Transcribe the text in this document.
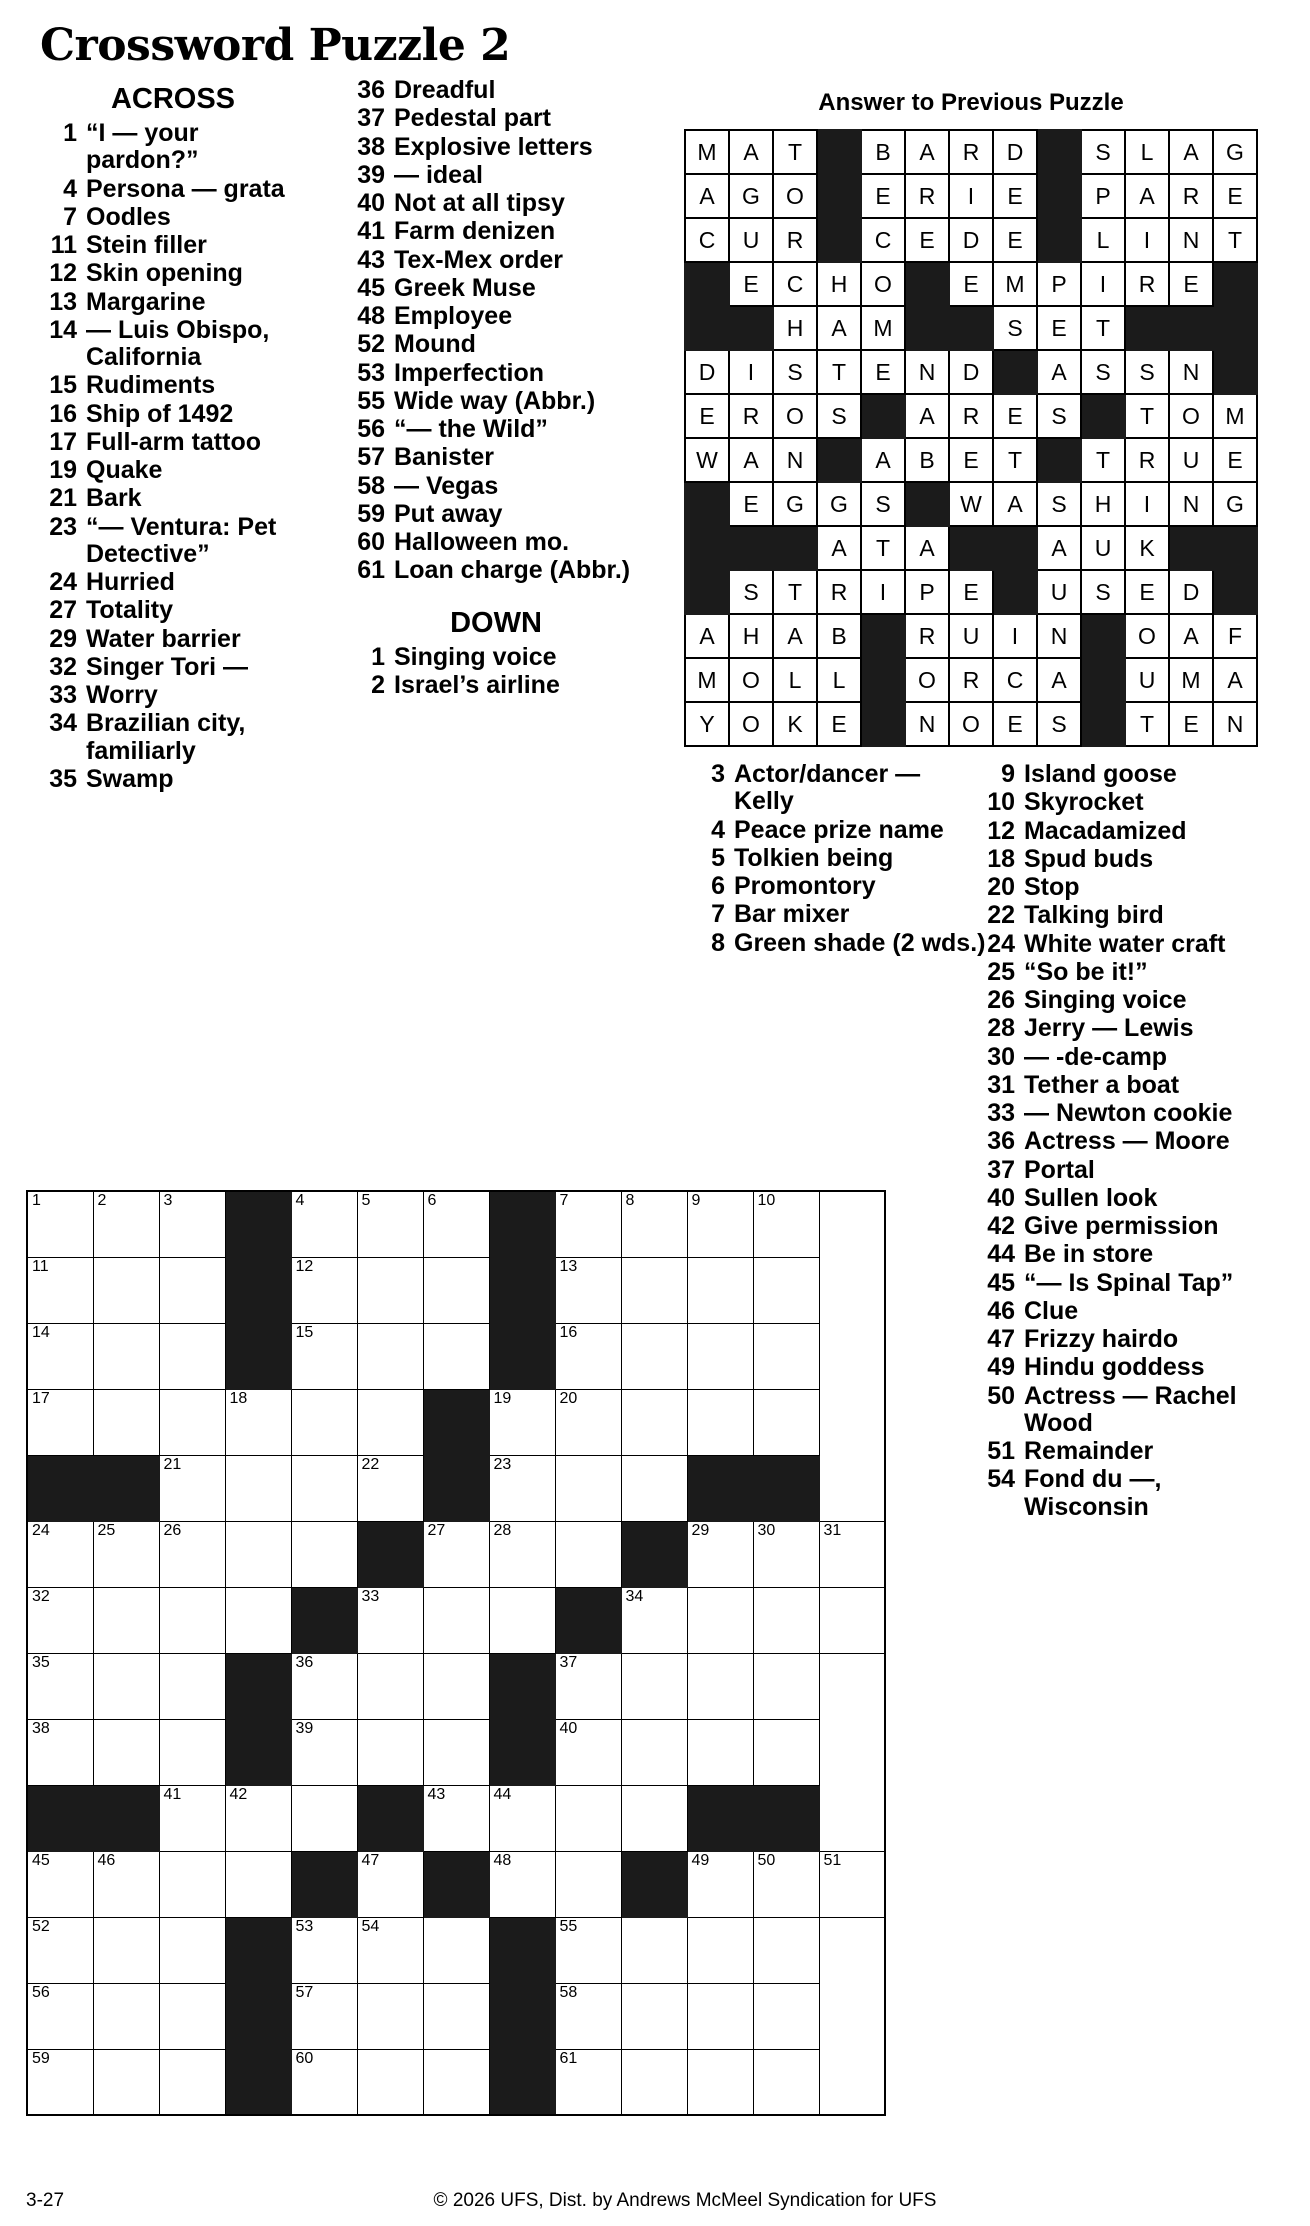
Crossword Puzzle 2
ACROSS
1 “I — your pardon?”
4 Persona — grata
7 Oodles
11 Stein filler
12 Skin opening
13 Margarine
14 — Luis Obispo, California
15 Rudiments
16 Ship of 1492
17 Full-arm tattoo
19 Quake
21 Bark
23 “— Ventura: Pet Detective”
24 Hurried
27 Totality
29 Water barrier
32 Singer Tori —
33 Worry
34 Brazilian city, familiarly
35 Swamp
36 Dreadful
37 Pedestal part
38 Explosive letters
39 — ideal
40 Not at all tipsy
41 Farm denizen
43 Tex-Mex order
45 Greek Muse
48 Employee
52 Mound
53 Imperfection
55 Wide way (Abbr.)
56 “— the Wild”
57 Banister
58 — Vegas
59 Put away
60 Halloween mo.
61 Loan charge (Abbr.)
DOWN
1 Singing voice
2 Israel’s airline
Answer to Previous Puzzle
M	A	T		B	A	R	D		S	L	A	G
A	G	O		E	R	I	E		P	A	R	E
C	U	R		C	E	D	E		L	I	N	T
	E	C	H	O		E	M	P	I	R	E	
		H	A	M			S	E	T			
D	I	S	T	E	N	D		A	S	S	N	
E	R	O	S		A	R	E	S		T	O	M
W	A	N		A	B	E	T		T	R	U	E
	E	G	G	S		W	A	S	H	I	N	G
			A	T	A			A	U	K		
	S	T	R	I	P	E		U	S	E	D	
A	H	A	B		R	U	I	N		O	A	F
M	O	L	L		O	R	C	A		U	M	A
Y	O	K	E		N	O	E	S		T	E	N
3 Actor/dancer — Kelly
4 Peace prize name
5 Tolkien being
6 Promontory
7 Bar mixer
8 Green shade (2 wds.)
9 Island goose
10 Skyrocket
12 Macadamized
18 Spud buds
20 Stop
22 Talking bird
24 White water craft
25 “So be it!”
26 Singing voice
28 Jerry — Lewis
30 — -de-camp
31 Tether a boat
33 — Newton cookie
36 Actress — Moore
37 Portal
40 Sullen look
42 Give permission
44 Be in store
45 “— Is Spinal Tap”
46 Clue
47 Frizzy hairdo
49 Hindu goddess
50 Actress — Rachel Wood
51 Remainder
54 Fond du —, Wisconsin
1	2	3		4	5	6		7	8	9	10	

11				12				13				

14				15				16				

17			18				19	20				

		21			22		23					

24	25	26				27	28			29	30	31

32					33				34			

35				36				37				

38				39				40				

		41	42			43	44					

45	46				47		48			49	50	51

52				53	54			55				

56				57				58				

59				60				61				

3-27	© 2026 UFS, Dist. by Andrews McMeel Syndication for UFS
